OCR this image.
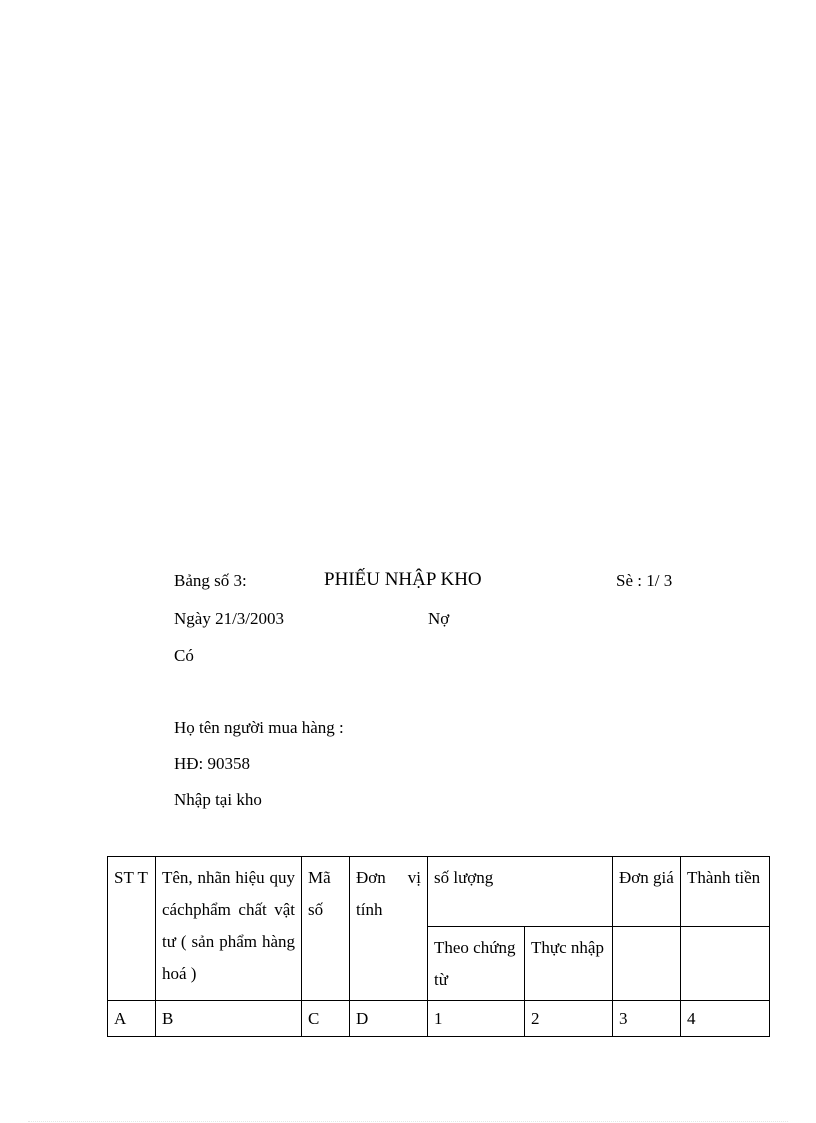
Bảng số 3:	PHIẾU NHẬP KHO	Sè : 1/ 3
Ngày 21/3/2003	Nợ
Có
Họ tên người mua hàng :
HĐ: 90358
Nhập tại kho
ST T	Tên, nhãn hiệu quy cáchphẩm chất vật tư ( sản phẩm hàng hoá )	Mã số	Đơn vị tính	số lượng		Đơn giá	Thành tiền
				Theo chứng từ	Thực nhập		
A	B	C	D	1	2	3	4
